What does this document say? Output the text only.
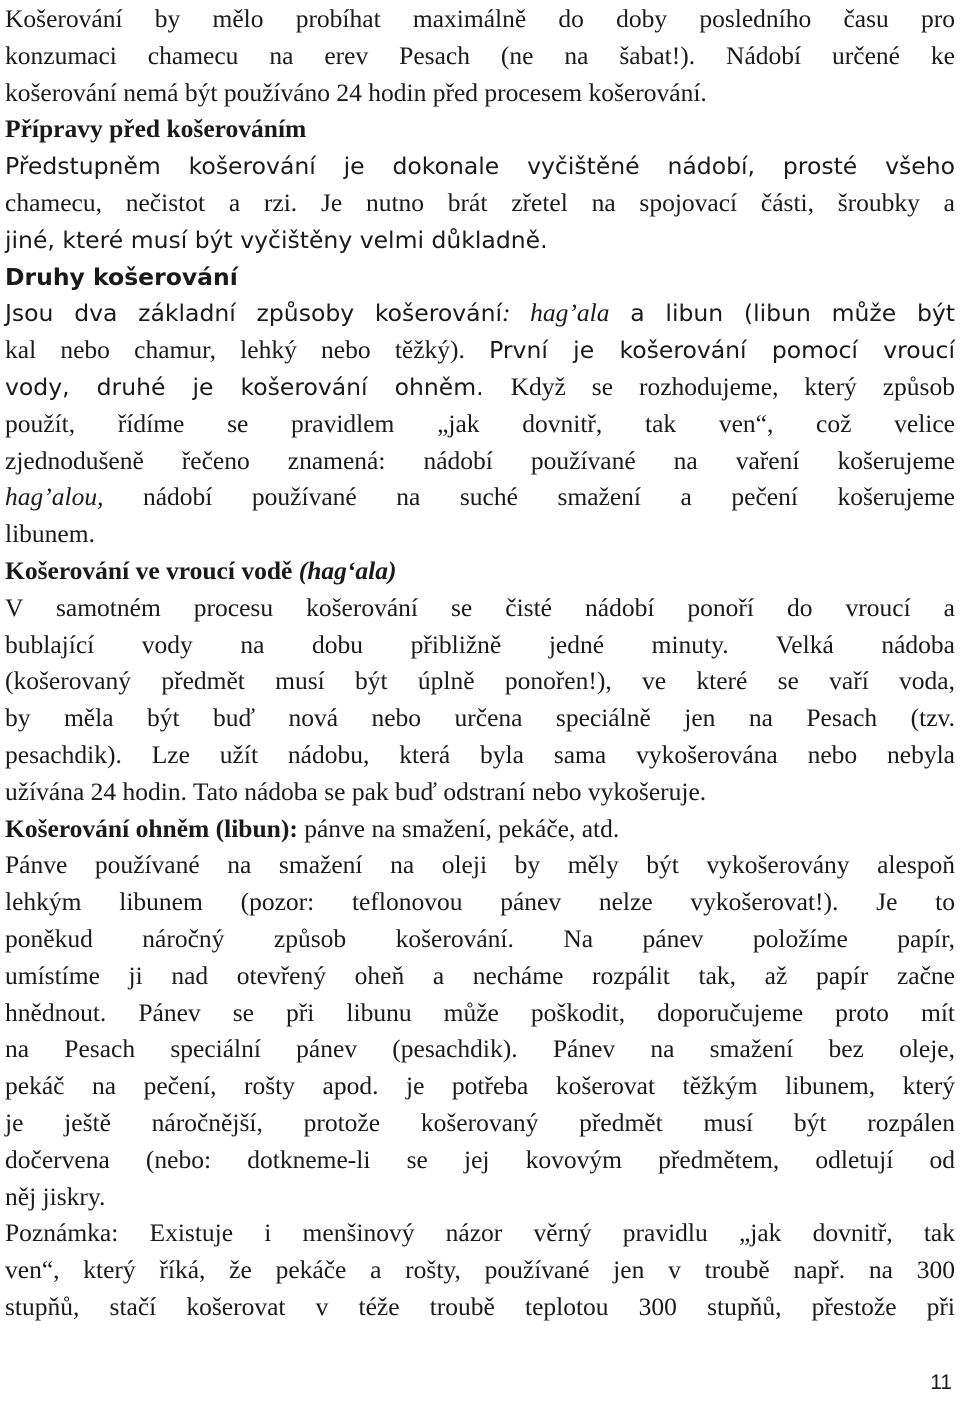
Košerování by mělo probíhat maximálně do doby posledního času pro

konzumaci chamecu na erev Pesach (ne na šabat!). Nádobí určené ke

košerování nemá být používáno 24 hodin před procesem košerování.

Přípravy před košerováním

Předstupněm košerování je dokonale vyčištěné nádobí, prosté všeho

chamecu, nečistot a rzi. Je nutno brát zřetel na spojovací části, šroubky a

jiné, které musí být vyčištěny velmi důkladně.

Druhy košerování

Jsou dva základní způsoby košerování: hag’ala a libun (libun může být

kal nebo chamur, lehký nebo těžký). První je košerování pomocí vroucí

vody, druhé je košerování ohněm. Když se rozhodujeme, který způsob

použít, řídíme se pravidlem „jak dovnitř, tak ven“, což velice

zjednodušeně řečeno znamená: nádobí používané na vaření košerujeme

hag’alou, nádobí používané na suché smažení a pečení košerujeme

libunem.

Košerování ve vroucí vodě (hag‘ala)

V samotném procesu košerování se čisté nádobí ponoří do vroucí a

bublající vody na dobu přibližně jedné minuty. Velká nádoba

(košerovaný předmět musí být úplně ponořen!), ve které se vaří voda,

by měla být buď nová nebo určena speciálně jen na Pesach (tzv.

pesachdik). Lze užít nádobu, která byla sama vykošerována nebo nebyla

užívána 24 hodin. Tato nádoba se pak buď odstraní nebo vykošeruje.

Košerování ohněm (libun): pánve na smažení, pekáče, atd.

Pánve používané na smažení na oleji by měly být vykošerovány alespoň

lehkým libunem (pozor: teflonovou pánev nelze vykošerovat!). Je to

poněkud náročný způsob košerování. Na pánev položíme papír,

umístíme ji nad otevřený oheň a necháme rozpálit tak, až papír začne

hnědnout. Pánev se při libunu může poškodit, doporučujeme proto mít

na Pesach speciální pánev (pesachdik). Pánev na smažení bez oleje,

pekáč na pečení, rošty apod. je potřeba košerovat těžkým libunem, který

je ještě náročnější, protože košerovaný předmět musí být rozpálen

dočervena (nebo: dotkneme-li se jej kovovým předmětem, odletují od

něj jiskry.

Poznámka: Existuje i menšinový názor věrný pravidlu „jak dovnitř, tak

ven“, který říká, že pekáče a rošty, používané jen v troubě např. na 300

stupňů, stačí košerovat v téže troubě teplotou 300 stupňů, přestože při

11
